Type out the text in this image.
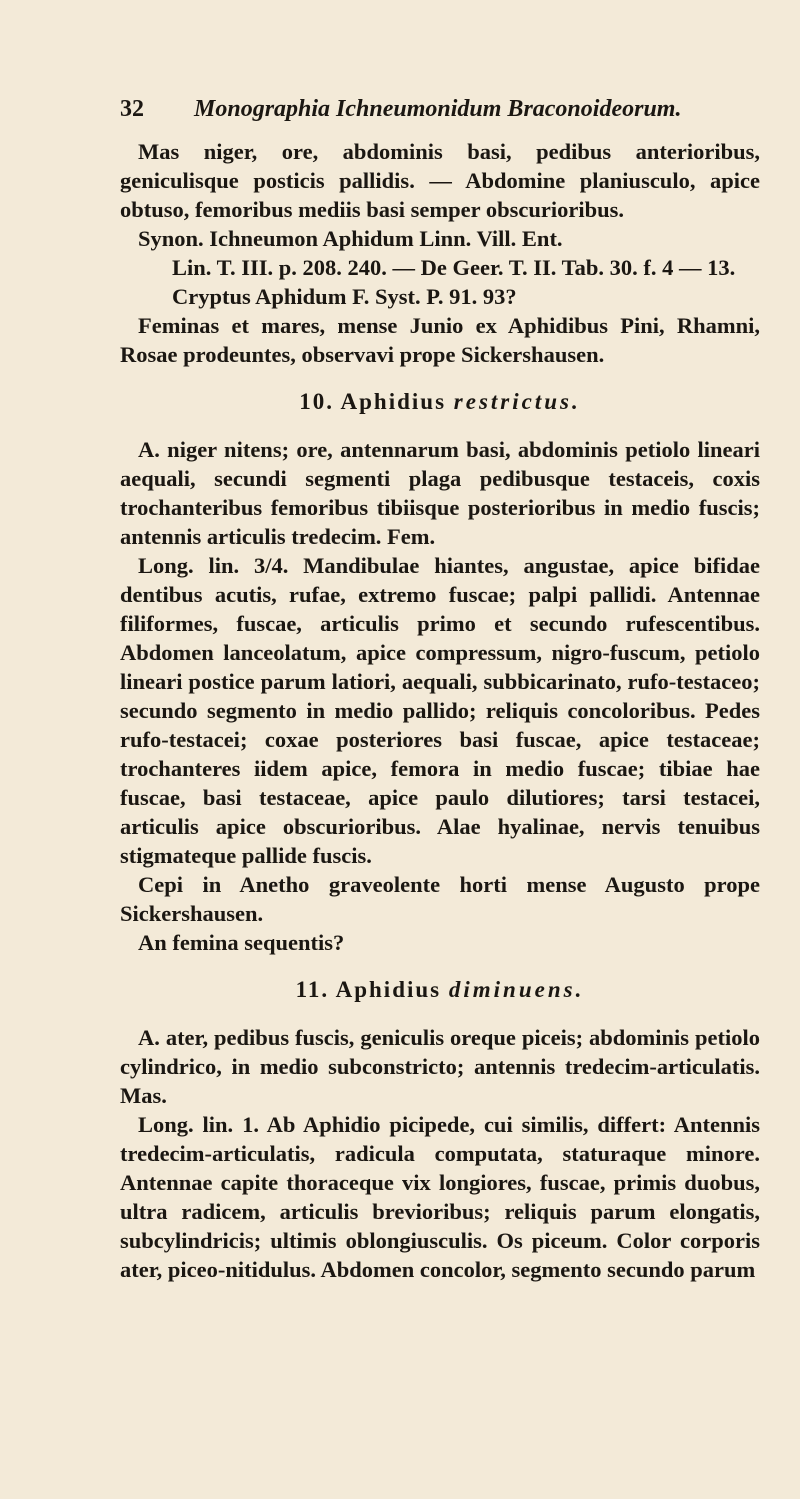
32	Monographia Ichneumonidum Braconoideorum.

Mas niger, ore, abdominis basi, pedibus anterioribus, geniculisque posticis pallidis. — Abdomine planiusculo, apice obtuso, femoribus mediis basi semper obscurioribus.

Synon. Ichneumon Aphidum Linn. Vill. Ent.
Lin. T. III. p. 208. 240. — De Geer. T. II. Tab. 30. f. 4 — 13.
Cryptus Aphidum F. Syst. P. 91. 93?

Feminas et mares, mense Junio ex Aphidibus Pini, Rhamni, Rosae prodeuntes, observavi prope Sickershausen.

10. Aphidius restrictus.

A. niger nitens; ore, antennarum basi, abdominis petiolo lineari aequali, secundi segmenti plaga pedibusque testaceis, coxis trochanteribus femoribus tibiisque posterioribus in medio fuscis; antennis articulis tredecim. Fem.

Long. lin. 3/4. Mandibulae hiantes, angustae, apice bifidae dentibus acutis, rufae, extremo fuscae; palpi pallidi. Antennae filiformes, fuscae, articulis primo et secundo rufescentibus. Abdomen lanceolatum, apice compressum, nigro-fuscum, petiolo lineari postice parum latiori, aequali, subbicarinato, rufo-testaceo; secundo segmento in medio pallido; reliquis concoloribus. Pedes rufo-testacei; coxae posteriores basi fuscae, apice testaceae; trochanteres iidem apice, femora in medio fuscae; tibiae hae fuscae, basi testaceae, apice paulo dilutiores; tarsi testacei, articulis apice obscurioribus. Alae hyalinae, nervis tenuibus stigmateque pallide fuscis.

Cepi in Anetho graveolente horti mense Augusto prope Sickershausen.

An femina sequentis?

11. Aphidius diminuens.

A. ater, pedibus fuscis, geniculis oreque piceis; abdominis petiolo cylindrico, in medio subconstricto; antennis tredecim-articulatis. Mas.

Long. lin. 1. Ab Aphidio picipede, cui similis, differt: Antennis tredecim-articulatis, radicula computata, staturaque minore. Antennae capite thoraceque vix longiores, fuscae, primis duobus, ultra radicem, articulis brevioribus; reliquis parum elongatis, subcylindricis; ultimis oblongiusculis. Os piceum. Color corporis ater, piceo-nitidulus. Abdomen concolor, segmento secundo parum
